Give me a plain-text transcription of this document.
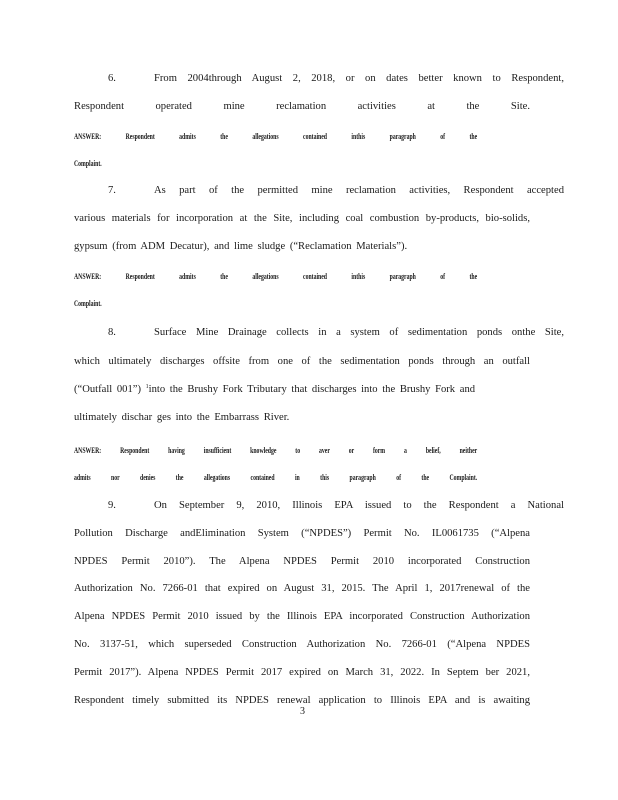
6.	From 2004through August 2, 2018, or on dates better known to Respondent,
Respondent operated mine reclamation activities at the Site.
ANSWER: Respondent admits the allegations contained inthis paragraph of the
Complaint.
7.	As part of the permitted mine reclamation activities, Respondent accepted
various materials for incorporation at the Site, including coal combustion by-products, bio-solids,
gypsum (from ADM Decatur), and lime sludge (“Reclamation Materials”).
ANSWER: Respondent admits the allegations contained inthis paragraph of the
Complaint.
8.	Surface Mine Drainage collects in a system of sedimentation ponds onthe Site,
which ultimately discharges offsite from one of the sedimentation ponds through an outfall
(“Outfall 001”) $^1$into the Brushy Fork Tributary that discharges into the Brushy Fork and
ultimately dischar ges into the Embarrass River.
ANSWER: Respondent having insufficient knowledge to aver or form a belief, neither
admits nor denies the allegations contained in this paragraph of the Complaint.
9.	On September 9, 2010, Illinois EPA issued to the Respondent a National
Pollution Discharge andElimination System (“NPDES”) Permit No. IL0061735 (“Alpena
NPDES Permit 2010”). The Alpena NPDES Permit 2010 incorporated Construction
Authorization No. 7266-01 that expired on August 31, 2015. The April 1, 2017renewal of the
Alpena NPDES Permit 2010 issued by the Illinois EPA incorporated Construction Authorization
No. 3137-51, which superseded Construction Authorization No. 7266-01 (“Alpena NPDES
Permit 2017”). Alpena NPDES Permit 2017 expired on March 31, 2022. In Septem ber 2021,
Respondent timely submitted its NPDES renewal application to Illinois EPA and is awaiting
3
